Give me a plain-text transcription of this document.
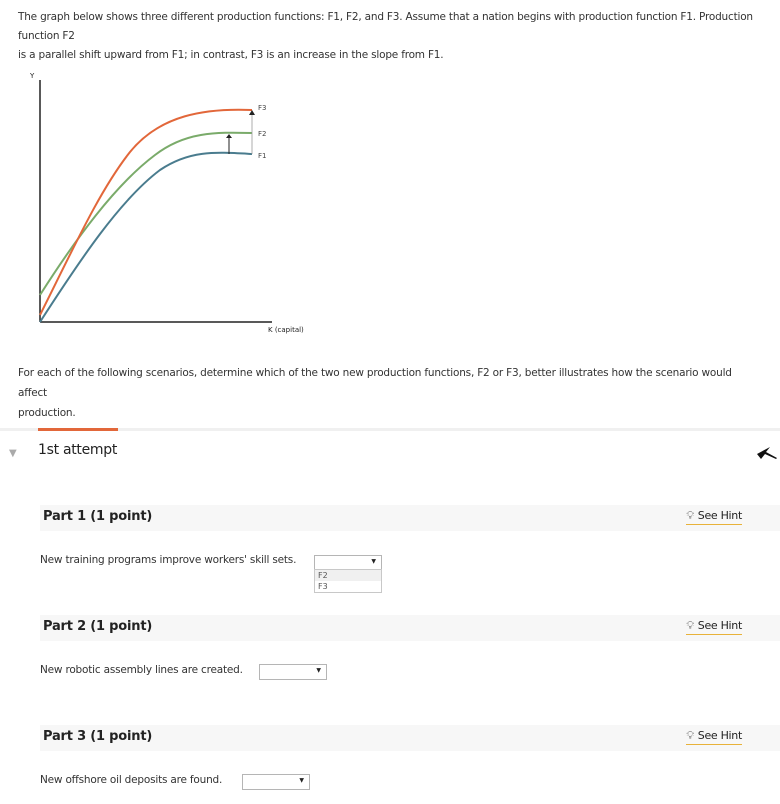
The graph below shows three different production functions: F1, F2, and F3. Assume that a nation begins with production function F1. Production function F2
is a parallel shift upward from F1; in contrast, F3 is an increase in the slope from F1.
Y
K (capital)
F3
F2
F1
For each of the following scenarios, determine which of the two new production functions, F2 or F3, better illustrates how the scenario would affect
production.
▼ 1st attempt
Part 1 (1 point)	💡︎ See Hint
New training programs improve workers' skill sets.	▼
F2
F3
Part 2 (1 point)	💡︎ See Hint
New robotic assembly lines are created.	▼
Part 3 (1 point)	💡︎ See Hint
New offshore oil deposits are found.	▼
